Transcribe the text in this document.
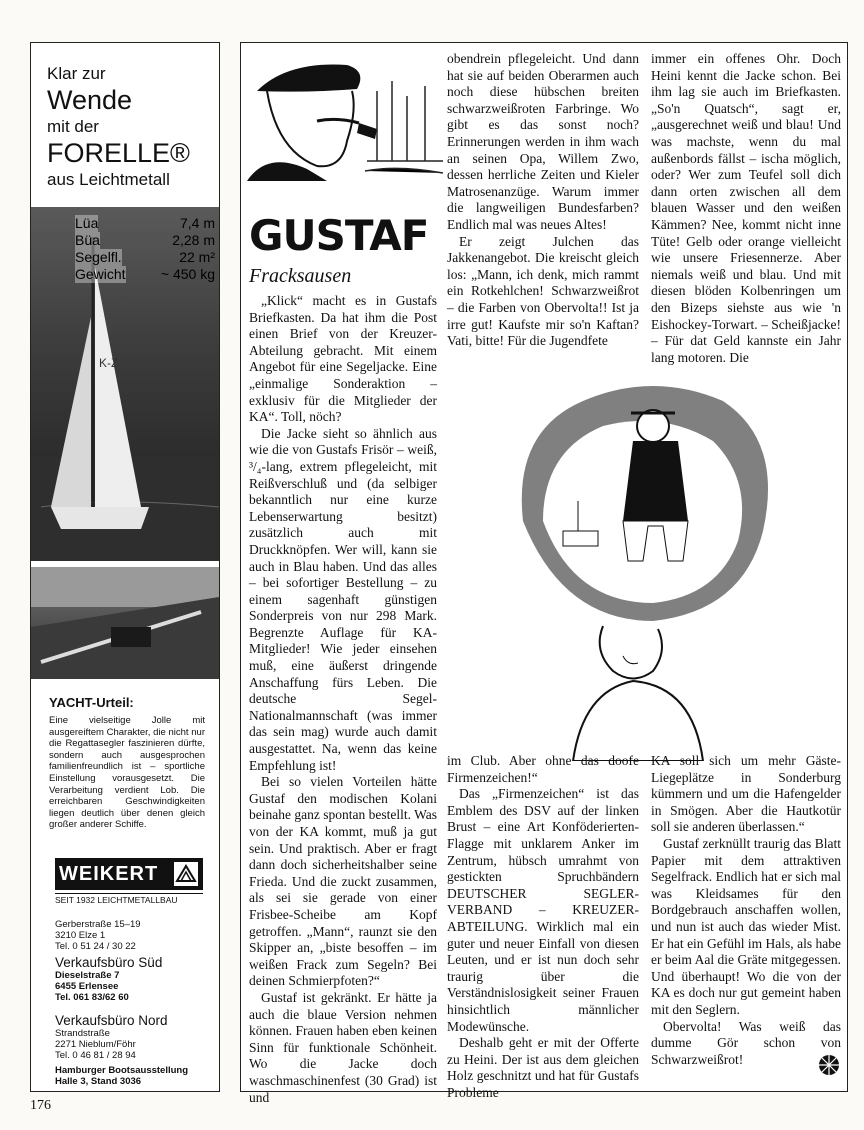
Klar zur
Wende
mit der
FORELLE®
aus Leichtmetall
K-Z
Lüa	7,4 m
Büa	2,28 m
Segelfl.	22 m²
Gewicht	~ 450 kg
YACHT-Urteil:
Eine vielseitige Jolle mit ausgereiftem Charakter, die nicht nur die Regattasegler faszinieren dürfte, sondern auch ausgesprochen familienfreundlich ist – sportliche Einstellung vorausgesetzt. Die Verarbeitung verdient Lob. Die erreichbaren Geschwindigkeiten liegen deutlich über denen gleich großer anderer Schiffe.
WEIKERT
SEIT 1932 LEICHTMETALLBAU
Gerberstraße 15–19
3210 Elze 1
Tel. 0 51 24 / 30 22
Verkaufsbüro Süd
Dieselstraße 7
6455 Erlensee
Tel. 061 83/62 60
Verkaufsbüro Nord
Strandstraße
2271 Nieblum/Föhr
Tel. 0 46 81 / 28 94
Hamburger Bootsausstellung
Halle 3, Stand 3036
GUSTAF
Fracksausen

„Klick“ macht es in Gustafs Briefkasten. Da hat ihm die Post einen Brief von der Kreuzer-Abteilung gebracht. Mit einem Angebot für eine Segeljacke. Eine „einmalige Sonderaktion – exklusiv für die Mitglieder der KA“. Toll, nöch?

Die Jacke sieht so ähnlich aus wie die von Gustafs Frisör – weiß, ³/₄-lang, extrem pflegeleicht, mit Reißverschluß und (da selbiger bekanntlich nur eine kurze Lebenserwartung besitzt) zusätzlich auch mit Druckknöpfen. Wer will, kann sie auch in Blau haben. Und das alles – bei sofortiger Bestellung – zu einem sagenhaft günstigen Sonderpreis von nur 298 Mark. Begrenzte Auflage für KA-Mitglieder! Wie jeder einsehen muß, eine äußerst dringende Anschaffung fürs Leben. Die deutsche Segel-Nationalmannschaft (was immer das sein mag) wurde auch damit ausgestattet. Na, wenn das keine Empfehlung ist!

Bei so vielen Vorteilen hätte Gustaf den modischen Kolani beinahe ganz spontan bestellt. Was von der KA kommt, muß ja gut sein. Und praktisch. Aber er fragt dann doch sicherheitshalber seine Frieda. Und die zuckt zusammen, als sei sie gerade von einer Frisbee-Scheibe am Kopf getroffen. „Mann“, raunzt sie den Skipper an, „biste besoffen – im weißen Frack zum Segeln? Bei deinen Schmierpfoten?“

Gustaf ist gekränkt. Er hätte ja auch die blaue Version nehmen können. Frauen haben eben keinen Sinn für funktionale Schönheit. Wo die Jacke doch waschmaschinenfest (30 Grad) ist und

obendrein pflegeleicht. Und dann hat sie auf beiden Oberarmen auch noch diese hübschen breiten schwarzweißroten Farbringe. Wo gibt es das sonst noch? Erinnerungen werden in ihm wach an seinen Opa, Willem Zwo, dessen herrliche Zeiten und Kieler Matrosenanzüge. Warum immer die langweiligen Bundesfarben? Endlich mal was neues Altes!

Er zeigt Julchen das Jakkenangebot. Die kreischt gleich los: „Mann, ich denk, mich rammt ein Rotkehlchen! Schwarzweißrot – die Farben von Obervolta!! Ist ja irre gut! Kaufste mir so'n Kaftan? Vati, bitte! Für die Jugendfete

immer ein offenes Ohr. Doch Heini kennt die Jacke schon. Bei ihm lag sie auch im Briefkasten. „So'n Quatsch“, sagt er, „ausgerechnet weiß und blau! Und was machste, wenn du mal außenbords fällst – ischa möglich, oder? Wer zum Teufel soll dich dann orten zwischen all dem blauen Wasser und den weißen Kämmen? Nee, kommt nicht inne Tüte! Gelb oder orange vielleicht wie unsere Friesennerze. Aber niemals weiß und blau. Und mit diesen blöden Kolbenringen um den Bizeps siehste aus wie 'n Eishockey-Torwart. – Scheißjacke! – Für dat Geld kannste ein Jahr lang motoren. Die

im Club. Aber ohne das doofe Firmenzeichen!“

Das „Firmenzeichen“ ist das Emblem des DSV auf der linken Brust – eine Art Konföderierten-Flagge mit unklarem Anker im Zentrum, hübsch umrahmt von gestickten Spruchbändern DEUTSCHER SEGLER-VERBAND – KREUZER-ABTEILUNG. Wirklich mal ein guter und neuer Einfall von diesen Leuten, und er ist nun doch sehr traurig über die Verständnislosigkeit seiner Frauen hinsichtlich männlicher Modewünsche.

Deshalb geht er mit der Offerte zu Heini. Der ist aus dem gleichen Holz geschnitzt und hat für Gustafs Probleme

KA soll sich um mehr Gäste-Liegeplätze in Sonderburg kümmern und um die Hafengelder in Smögen. Aber die Hautkotür soll sie anderen überlassen.“

Gustaf zerknüllt traurig das Blatt Papier mit dem attraktiven Segelfrack. Endlich hat er sich mal was Kleidsames für den Bordgebrauch anschaffen wollen, und nun ist auch das wieder Mist. Er hat ein Gefühl im Hals, als habe er beim Aal die Gräte mitgegessen. Und überhaupt! Wo die von der KA es doch nur gut gemeint haben mit den Seglern.

Obervolta! Was weiß das dumme Gör schon von Schwarzweißrot!

176
